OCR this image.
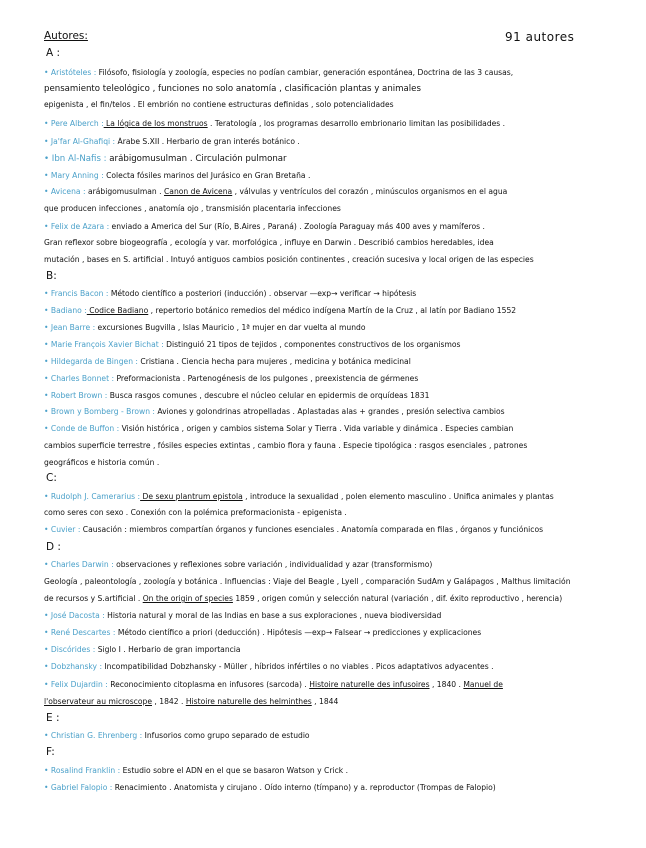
Autores:	91 autores
A :
• Aristóteles : Filósofo, fisiología y zoología, especies no podían cambiar, generación espontánea, Doctrina de las 3 causas,
pensamiento teleológico , funciones no solo anatomía , clasificación plantas y animales
epigenista , el fin/telos . El embrión no contiene estructuras definidas , solo potencialidades
• Pere Alberch : La lógica de los monstruos . Teratología , los programas desarrollo embrionario limitan las posibilidades .
• Ja'far Al-Ghafiqi : Árabe S.XII . Herbario de gran interés botánico .
• Ibn Al-Nafis : arábigomusulman . Circulación pulmonar
• Mary Anning : Colecta fósiles marinos del Jurásico en Gran Bretaña .
• Avicena : arábigomusulman . Canon de Avicena , válvulas y ventrículos del corazón , minúsculos organismos en el agua
que producen infecciones , anatomía ojo , transmisión placentaria infecciones
• Felix de Azara : enviado a America del Sur (Río, B.Aires , Paraná) . Zoología Paraguay más 400 aves y mamíferos .
Gran reflexor sobre biogeografía , ecología y var. morfológica , influye en Darwin . Describió cambios heredables, idea
mutación , bases en S. artificial . Intuyó antiguos cambios posición continentes , creación sucesiva y local origen de las especies
B:
• Francis Bacon : Método científico a posteriori (inducción) . observar —exp→ verificar → hipótesis
• Badiano : Codice Badiano , repertorio botánico remedios del médico indígena Martín de la Cruz , al latín por Badiano 1552
• Jean Barre : excursiones Bugvilla , Islas Mauricio , 1ª mujer en dar vuelta al mundo
• Marie François Xavier Bichat : Distinguió 21 tipos de tejidos , componentes constructivos de los organismos
• Hildegarda de Bingen : Cristiana . Ciencia hecha para mujeres , medicina y botánica medicinal
• Charles Bonnet : Preformacionista . Partenogénesis de los pulgones , preexistencia de gérmenes
• Robert Brown : Busca rasgos comunes , descubre el núcleo celular en epidermis de orquídeas 1831
• Brown y Bomberg - Brown : Aviones y golondrinas atropelladas . Aplastadas alas + grandes , presión selectiva cambios
• Conde de Buffon : Visión histórica , origen y cambios sistema Solar y Tierra . Vida variable y dinámica . Especies cambian
cambios superficie terrestre , fósiles especies extintas , cambio flora y fauna . Especie tipológica : rasgos esenciales , patrones
geográficos e historia común .
C:
• Rudolph J. Camerarius : De sexu plantrum epistola , introduce la sexualidad , polen elemento masculino . Unifica animales y plantas
como seres con sexo . Conexión con la polémica preformacionista - epigenista .
• Cuvier : Causación : miembros compartían órganos y funciones esenciales . Anatomía comparada en filas , órganos y funciónicos
D :
• Charles Darwin : observaciones y reflexiones sobre variación , individualidad y azar (transformismo)
Geología , paleontología , zoología y botánica . Influencias : Viaje del Beagle , Lyell , comparación SudAm y Galápagos , Malthus limitación
de recursos y S.artificial . On the origin of species 1859 , origen común y selección natural (variación , dif. éxito reproductivo , herencia)
• José Dacosta : Historia natural y moral de las Indias en base a sus exploraciones , nueva biodiversidad
• René Descartes : Método científico a priori (deducción) . Hipótesis —exp→ Falsear → predicciones y explicaciones
• Discórides : Siglo I . Herbario de gran importancia
• Dobzhansky : Incompatibilidad Dobzhansky - Müller , híbridos infértiles o no viables . Picos adaptativos adyacentes .
• Felix Dujardin : Reconocimiento citoplasma en infusores (sarcoda) . Histoire naturelle des infusoires , 1840 . Manuel de
l'observateur au microscope , 1842 . Histoire naturelle des helminthes , 1844
E :
• Christian G. Ehrenberg : Infusorios como grupo separado de estudio
F:
• Rosalind Franklin : Estudio sobre el ADN en el que se basaron Watson y Crick .
• Gabriel Falopio : Renacimiento . Anatomista y cirujano . Oído interno (tímpano) y a. reproductor (Trompas de Falopio)
